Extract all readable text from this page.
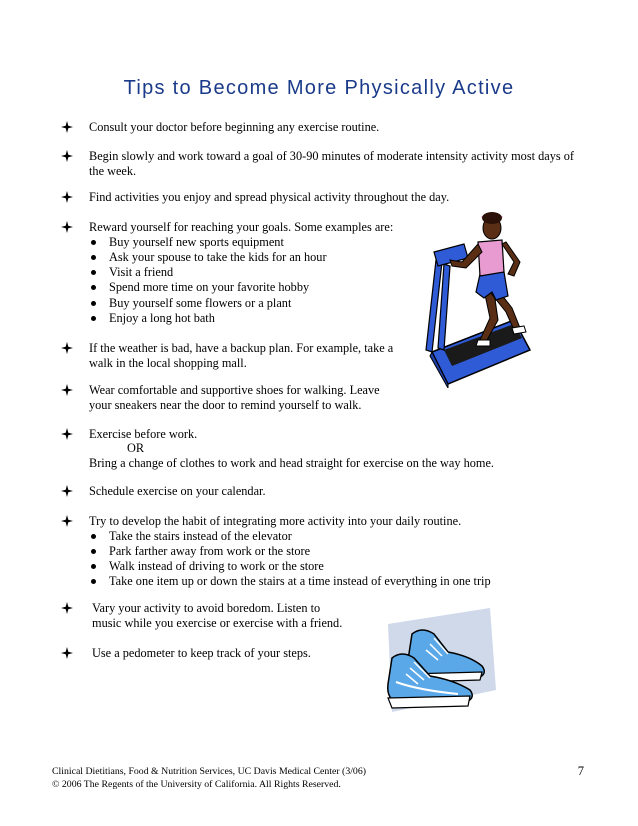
Tips to Become More Physically Active
Consult your doctor before beginning any exercise routine.
Begin slowly and work toward a goal of 30-90 minutes of moderate intensity activity most days of
the week.
Find activities you enjoy and spread physical activity throughout the day.
Reward yourself for reaching your goals. Some examples are:
Buy yourself new sports equipment
Ask your spouse to take the kids for an hour
Visit a friend
Spend more time on your favorite hobby
Buy yourself some flowers or a plant
Enjoy a long hot bath
If the weather is bad, have a backup plan. For example, take a
walk in the local shopping mall.
Wear comfortable and supportive shoes for walking. Leave
your sneakers near the door to remind yourself to walk.
Exercise before work.
OR
Bring a change of clothes to work and head straight for exercise on the way home.
Schedule exercise on your calendar.
Try to develop the habit of integrating more activity into your daily routine.
Take the stairs instead of the elevator
Park farther away from work or the store
Walk instead of driving to work or the store
Take one item up or down the stairs at a time instead of everything in one trip
Vary your activity to avoid boredom. Listen to
music while you exercise or exercise with a friend.
Use a pedometer to keep track of your steps.
Clinical Dietitians, Food & Nutrition Services, UC Davis Medical Center (3/06)
© 2006 The Regents of the University of California. All Rights Reserved.
7
